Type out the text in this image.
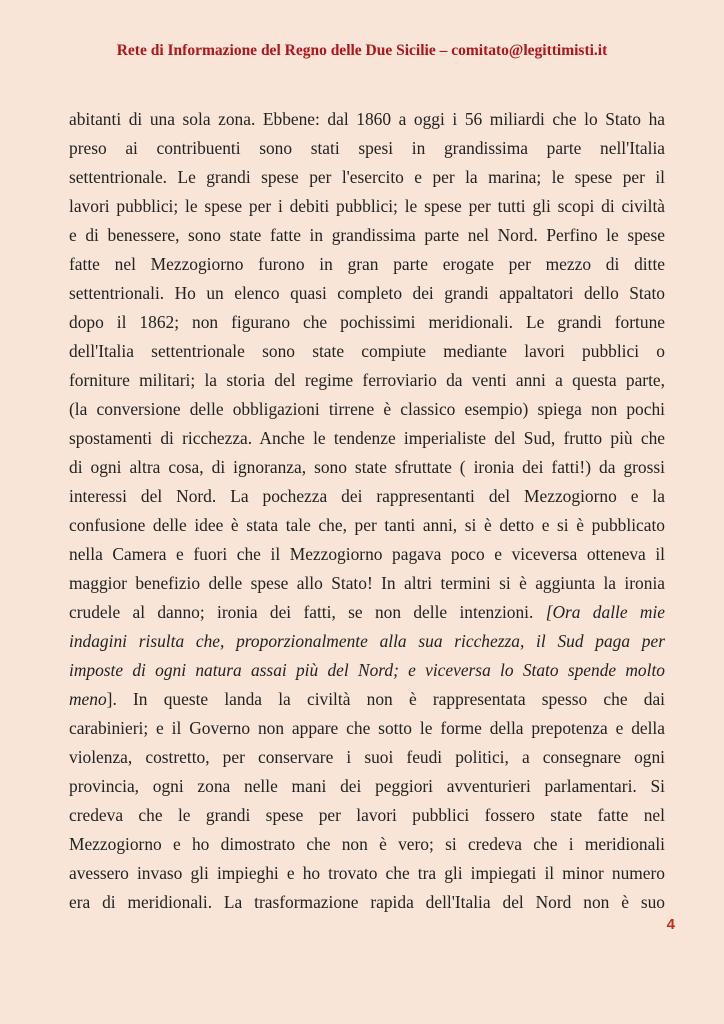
Rete di Informazione del Regno delle Due Sicilie – comitato@legittimisti.it
abitanti di una sola zona. Ebbene: dal 1860 a oggi i 56 miliardi che lo Stato ha
preso ai contribuenti sono stati spesi in grandissima parte nell'Italia
settentrionale. Le grandi spese per l'esercito e per la marina; le spese per il
lavori pubblici; le spese per i debiti pubblici; le spese per tutti gli scopi di civiltà
e di benessere, sono state fatte in grandissima parte nel Nord. Perfino le spese
fatte nel Mezzogiorno furono in gran parte erogate per mezzo di ditte
settentrionali. Ho un elenco quasi completo dei grandi appaltatori dello Stato
dopo il 1862; non figurano che pochissimi meridionali. Le grandi fortune
dell'Italia settentrionale sono state compiute mediante lavori pubblici o
forniture militari; la storia del regime ferroviario da venti anni a questa parte,
(la conversione delle obbligazioni tirrene è classico esempio) spiega non pochi
spostamenti di ricchezza. Anche le tendenze imperialiste del Sud, frutto più che
di ogni altra cosa, di ignoranza, sono state sfruttate ( ironia dei fatti!) da grossi
interessi del Nord. La pochezza dei rappresentanti del Mezzogiorno e la
confusione delle idee è stata tale che, per tanti anni, si è detto e si è pubblicato
nella Camera e fuori che il Mezzogiorno pagava poco e viceversa otteneva il
maggior benefizio delle spese allo Stato! In altri termini si è aggiunta la ironia
crudele al danno; ironia dei fatti, se non delle intenzioni. [Ora dalle mie
indagini risulta che, proporzionalmente alla sua ricchezza, il Sud paga per
imposte di ogni natura assai più del Nord; e viceversa lo Stato spende molto
meno]. In queste landa la civiltà non è rappresentata spesso che dai
carabinieri; e il Governo non appare che sotto le forme della prepotenza e della
violenza, costretto, per conservare i suoi feudi politici, a consegnare ogni
provincia, ogni zona nelle mani dei peggiori avventurieri parlamentari. Si
credeva che le grandi spese per lavori pubblici fossero state fatte nel
Mezzogiorno e ho dimostrato che non è vero; si credeva che i meridionali
avessero invaso gli impieghi e ho trovato che tra gli impiegati il minor numero
era di meridionali. La trasformazione rapida dell'Italia del Nord non è suo
4
